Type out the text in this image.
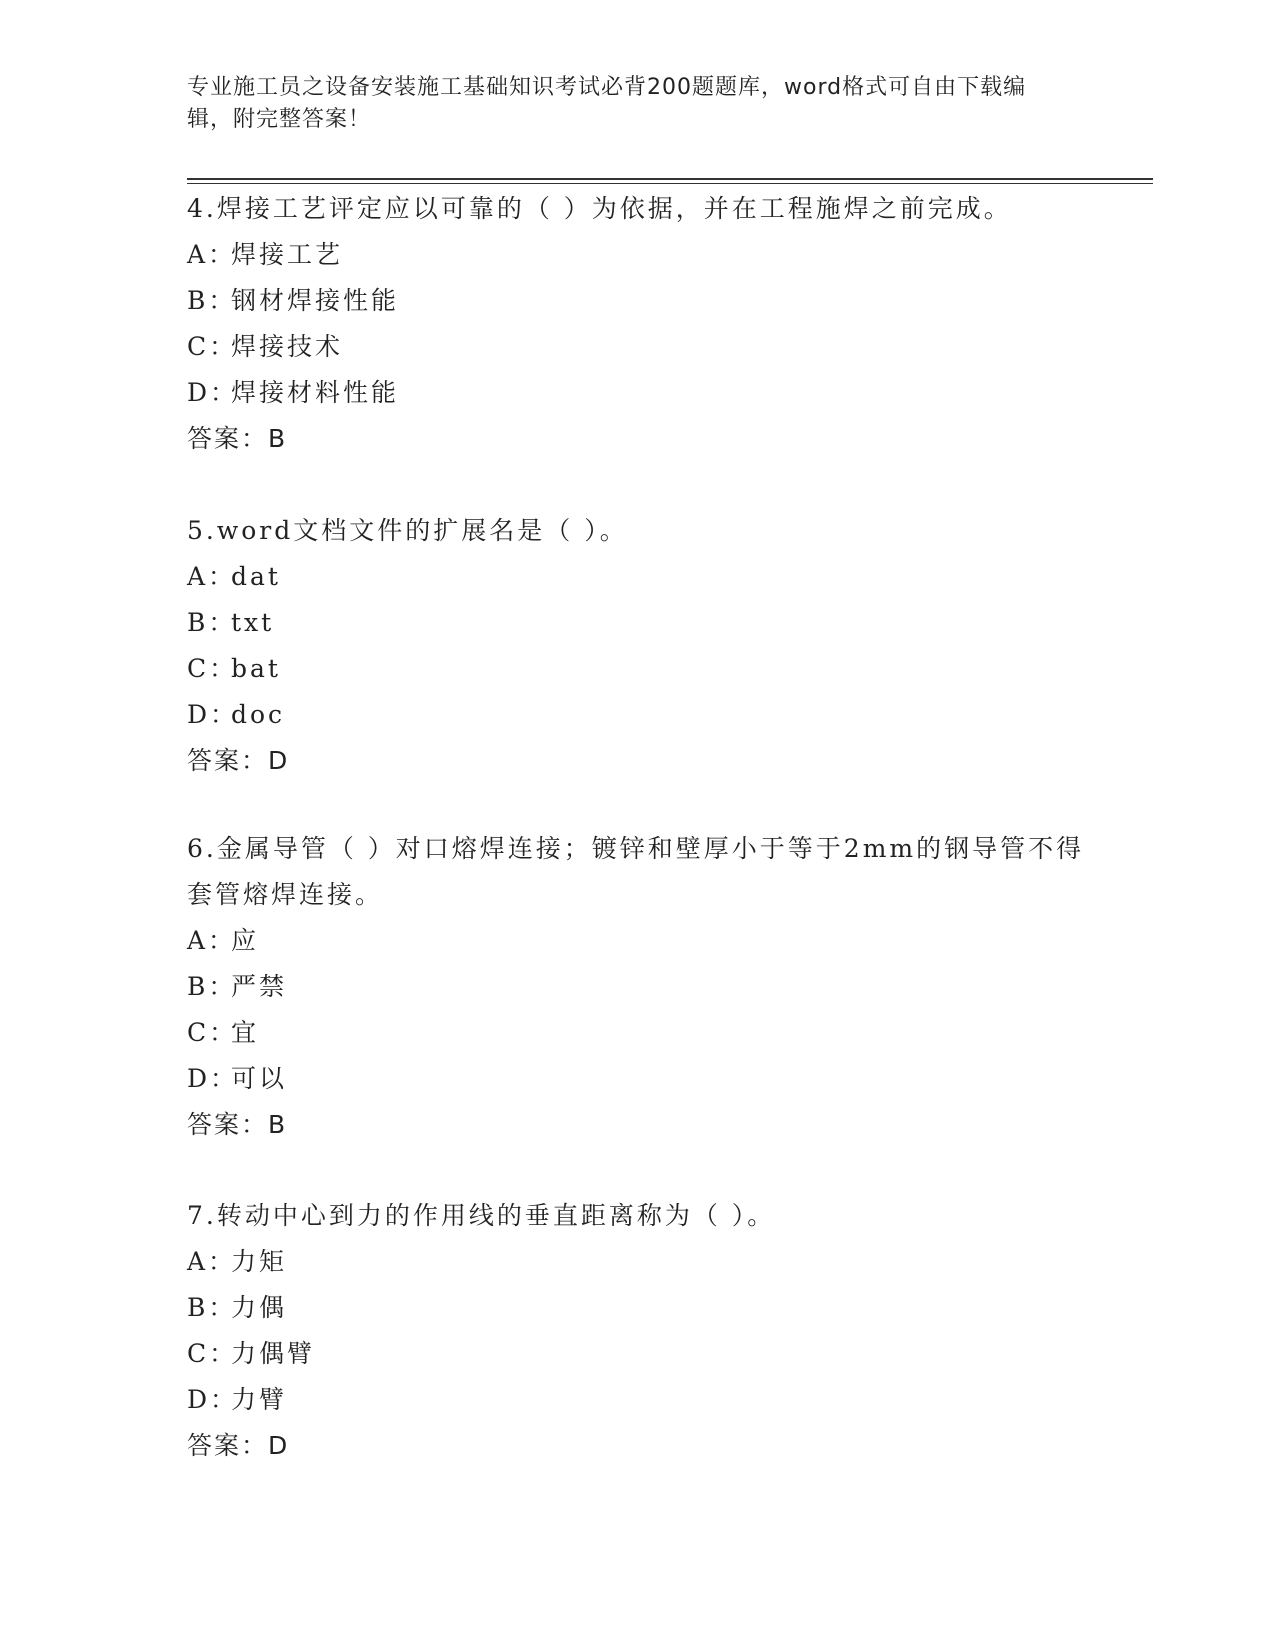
专业施工员之设备安装施工基础知识考试必背200题题库，word格式可自由下载编辑，附完整答案！
4.焊接工艺评定应以可靠的（ ）为依据，并在工程施焊之前完成。
A：焊接工艺
B：钢材焊接性能
C：焊接技术
D：焊接材料性能
答案：B
5.word文档文件的扩展名是（ ）。
A：dat
B：txt
C：bat
D：doc
答案：D
6.金属导管（ ）对口熔焊连接；镀锌和壁厚小于等于2mm的钢导管不得套管熔焊连接。
A：应
B：严禁
C：宜
D：可以
答案：B
7.转动中心到力的作用线的垂直距离称为（ ）。
A：力矩
B：力偶
C：力偶臂
D：力臂
答案：D
